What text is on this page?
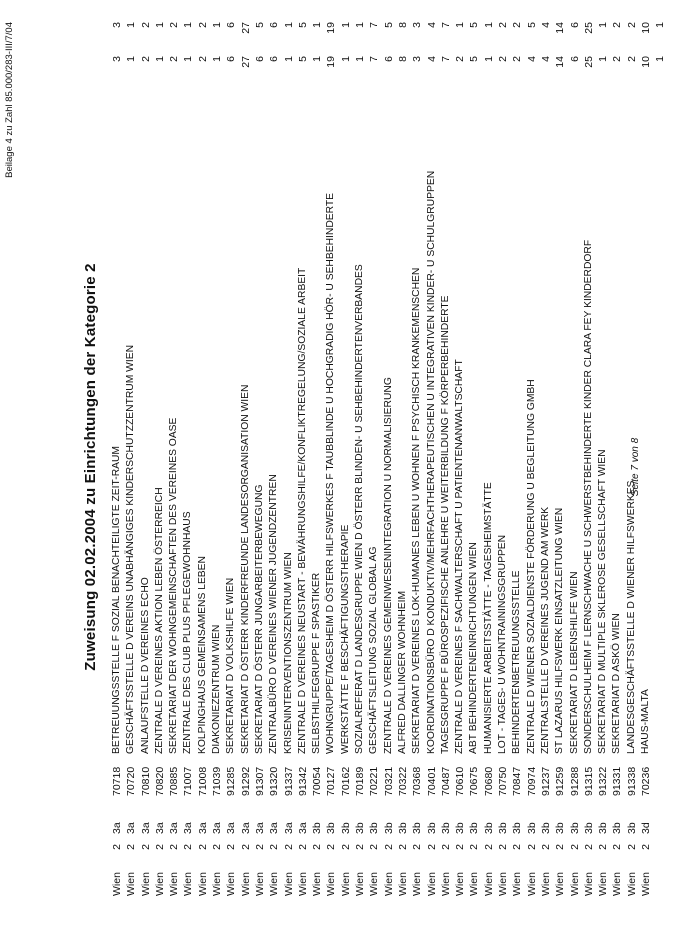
Beilage 4 zu Zahl 85.000/283-III/7/04
Zuweisung 02.02.2004 zu Einrichtungen der Kategorie 2
Wien
2
3a
70718
BETREUUNGSSTELLE F SOZIAL BENACHTEILIGTE ZEIT-RAUM
3
3
Wien
2
3a
70720
GESCHÄFTSSTELLE D VEREINS UNABHÄNGIGES KINDERSCHUTZZENTRUM WIEN
1
1
Wien
2
3a
70810
ANLAUFSTELLE D VEREINES ECHO
2
2
Wien
2
3a
70820
ZENTRALE D VEREINES AKTION LEBEN ÖSTERREICH
1
1
Wien
2
3a
70885
SEKRETARIAT DER WOHNGEMEINSCHAFTEN DES VEREINES OASE
2
2
Wien
2
3a
71007
ZENTRALE DES CLUB PLUS PFLEGEWOHNHAUS
1
1
Wien
2
3a
71008
KOLPINGHAUS GEMEINSAMENS LEBEN
2
2
Wien
2
3a
71039
DIAKONIEZENTRUM WIEN
1
1
Wien
2
3a
91285
SEKRETARIAT D VOLKSHILFE WIEN
6
6
Wien
2
3a
91292
SEKRETARIAT D ÖSTERR KINDERFREUNDE LANDESORGANISATION WIEN
27
27
Wien
2
3a
91307
SEKRETARIAT D ÖSTERR JUNGARBEITERBEWEGUNG
6
5
Wien
2
3a
91320
ZENTRALBÜRO D VEREINES WIENER JUGENDZENTREN
6
6
Wien
2
3a
91337
KRISENINTERVENTIONSZENTRUM WIEN
1
1
Wien
2
3a
91342
ZENTRALE D VEREINES NEUSTART - BEWÄHRUNGSHILFE/KONFLIKTREGELUNG/SOZIALE ARBEIT
5
5
Wien
2
3b
70054
SELBSTHILFEGRUPPE F SPASTIKER
1
1
Wien
2
3b
70127
WOHNGRUPPE/TAGESHEIM D ÖSTERR HILFSWERKES F TAUBBLINDE U HOCHGRADIG HÖR- U SEHBEHINDERTE
19
19
Wien
2
3b
70162
WERKSTÄTTE F BESCHÄFTIGUNGSTHERAPIE
1
1
Wien
2
3b
70189
SOZIALREFERAT D LANDESGRUPPE WIEN D ÖSTERR BLINDEN- U SEHBEHINDERTENVERBANDES
1
1
Wien
2
3b
70221
GESCHÄFTSLEITUNG SOZIAL GLOBAL AG
7
7
Wien
2
3b
70321
ZENTRALE D VEREINES GEMEINWESENINTEGRATION U NORMALISIERUNG
6
5
Wien
2
3b
70322
ALFRED DALLINGER WOHNHEIM
8
8
Wien
2
3b
70368
SEKRETARIAT D VEREINES LOK-HUMANES LEBEN U WOHNEN F PSYCHISCH KRANKEMENSCHEN
3
3
Wien
2
3b
70401
KOORDINATIONSBÜRO D KONDUKTIV/MEHRFACHTHERAPEUTISCHEN U INTEGRATIVEN KINDER- U SCHULGRUPPEN
4
4
Wien
2
3b
70487
TAGESGRUPPE F BÜROSPEZIFISCHE ANLEHRE U WEITERBILDUNG F KÖRPERBEHINDERTE
7
7
Wien
2
3b
70610
ZENTRALE D VEREINES F SACHWALTERSCHAFT U PATIENTENANWALTSCHAFT
2
1
Wien
2
3b
70675
ABT BEHINDERTENEINRICHTUNGEN WIEN
5
5
Wien
2
3b
70680
HUMANISIERTE ARBEITSSTÄTTE - TAGESHEIMSTÄTTE
1
1
Wien
2
3b
70750
LOT - TAGES- U WOHNTRAININGSGRUPPEN
2
2
Wien
2
3b
70847
BEHINDERTENBETREUUNGSSTELLE
2
2
Wien
2
3b
70974
ZENTRALE D WIENER SOZIALDIENSTE FÖRDERUNG U BEGLEITUNG GMBH
4
5
Wien
2
3b
91237
ZENTRALSTELLE D VEREINES JUGEND AM WERK
4
4
Wien
2
3b
91259
ST LAZARUS HILFSWERK EINSATZLEITUNG WIEN
14
14
Wien
2
3b
91288
SEKRETARIAT D LEBENSHILFE WIEN
6
6
Wien
2
3b
91315
SONDERSCHULHEIM F LERNSCHWACHE U SCHWERSTBEHINDERTE KINDER CLARA FEY KINDERDORF
25
25
Wien
2
3b
91322
SEKRETARIAT D MULTIPLE SKLEROSE GESELLSCHAFT WIEN
1
1
Wien
2
3b
91331
SEKRETARIAT D ASKÖ WIEN
2
2
Wien
2
3b
91338
LANDESGESCHÄFTSSTELLE D WIENER HILFSWERKES
2
2
Wien
2
3d
70236
HAUS-MALTA
10
10
1
1
Seite 7 von 8
